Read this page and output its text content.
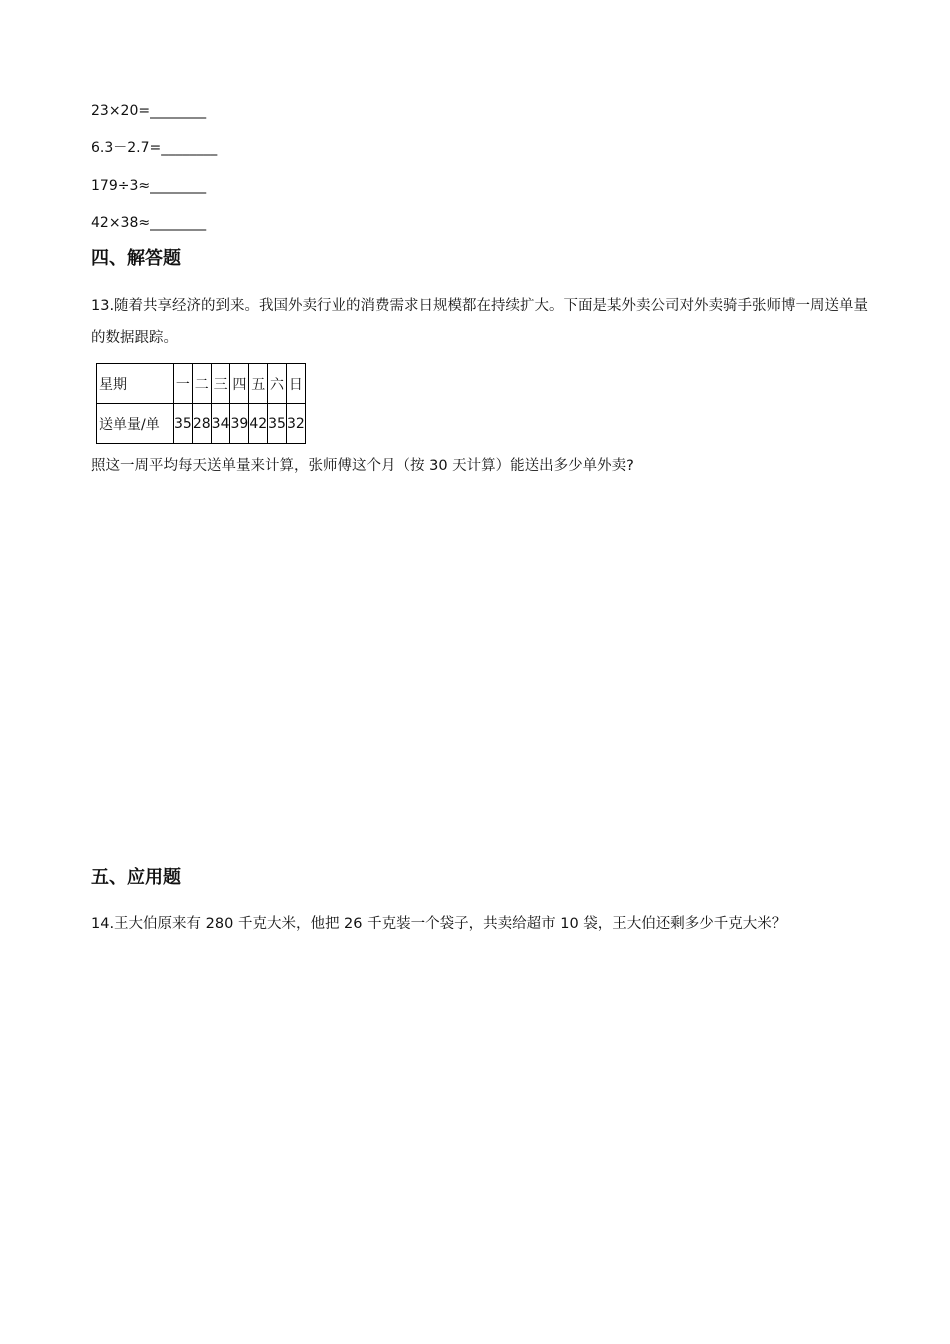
23×20=________
6.3－2.7=________
179÷3≈________
42×38≈________
四、解答题
13.随着共享经济的到来。我国外卖行业的消费需求日规模都在持续扩大。下面是某外卖公司对外卖骑手张师博一周送单量的数据跟踪。
星期	一	二	三	四	五	六	日
送单量/单	35	28	34	39	42	35	32
照这一周平均每天送单量来计算，张师傅这个月（按 30 天计算）能送出多少单外卖?
五、应用题
14.王大伯原来有 280 千克大米，他把 26 千克装一个袋子，共卖给超市 10 袋，王大伯还剩多少千克大米？
